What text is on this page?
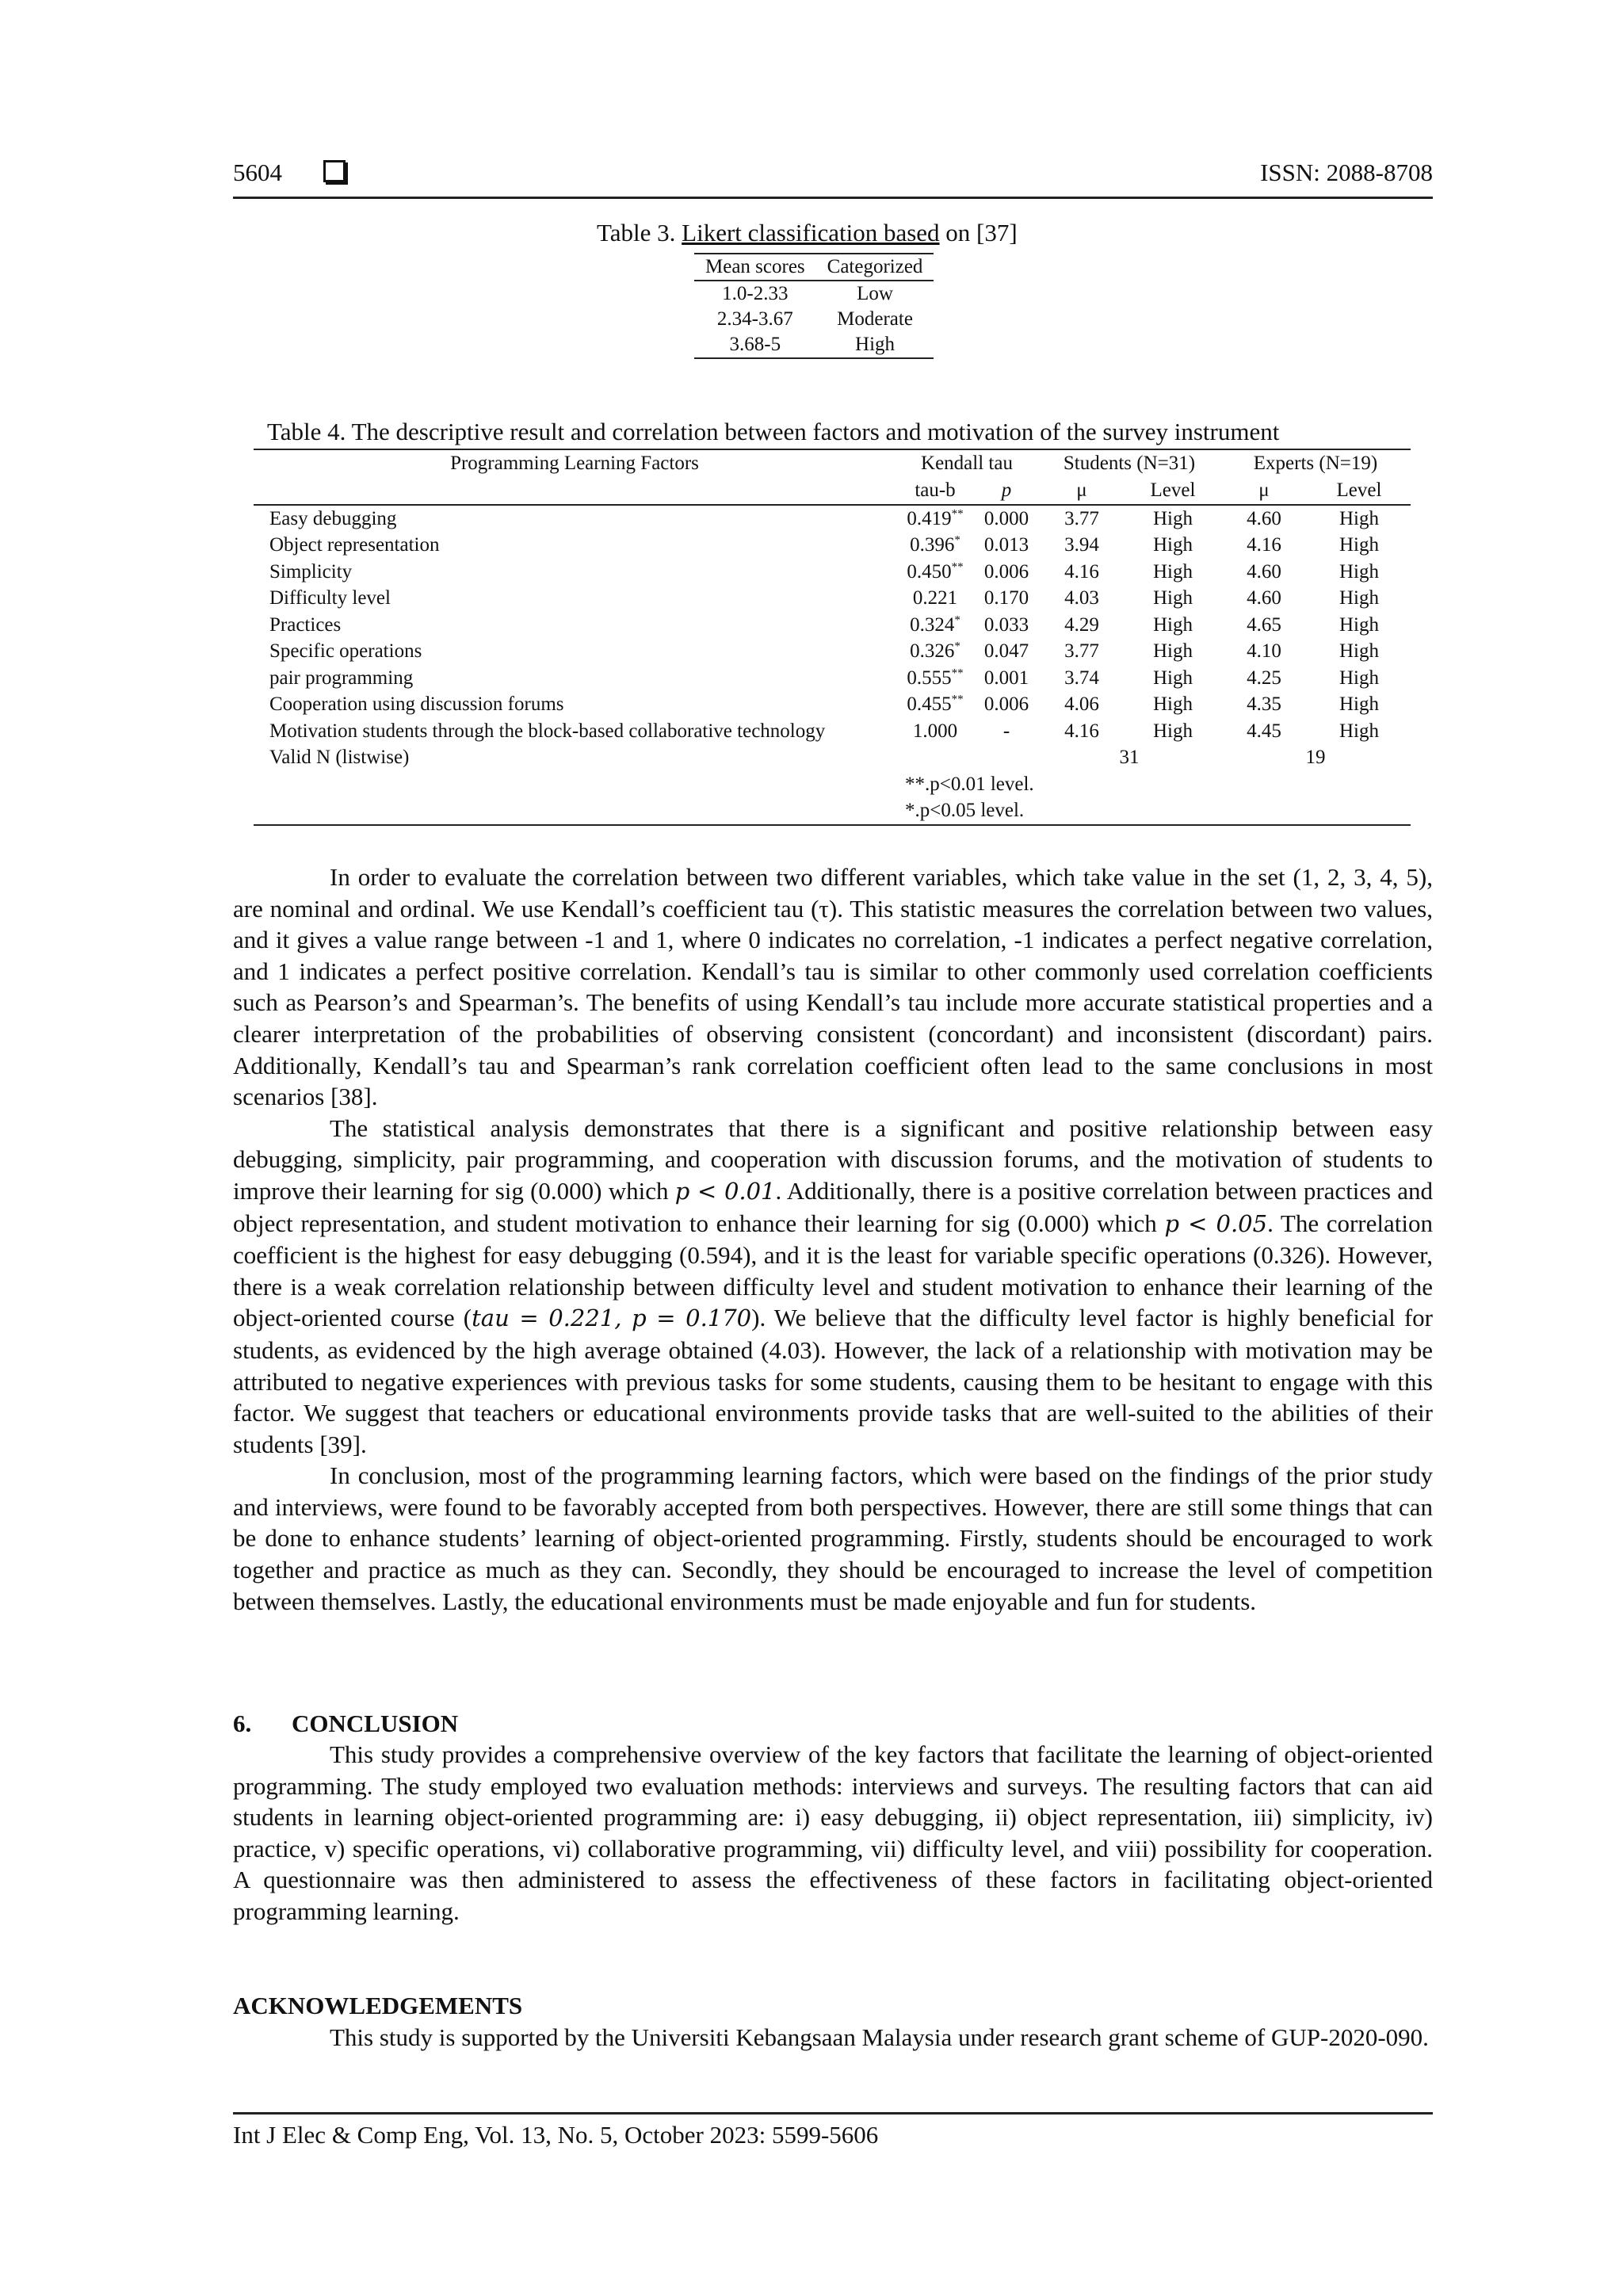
5604	ISSN: 2088-8708
Table 3. Likert classification based on [37]
Mean scores	Categorized
1.0-2.33	Low
2.34-3.67	Moderate
3.68-5	High
Table 4. The descriptive result and correlation between factors and motivation of the survey instrument
Programming Learning Factors	Kendall tau		Students (N=31)		Experts (N=19)	
	tau-b	p	μ	Level	μ	Level
Easy debugging	0.419**	0.000	3.77	High	4.60	High
Object representation	0.396*	0.013	3.94	High	4.16	High
Simplicity	0.450**	0.006	4.16	High	4.60	High
Difficulty level	0.221	0.170	4.03	High	4.60	High
Practices	0.324*	0.033	4.29	High	4.65	High
Specific operations	0.326*	0.047	3.77	High	4.10	High
pair programming	0.555**	0.001	3.74	High	4.25	High
Cooperation using discussion forums	0.455**	0.006	4.06	High	4.35	High
Motivation students through the block-based collaborative technology	1.000	-	4.16	High	4.45	High
Valid N (listwise)			31		19	
	**.p<0.01 level.					
	*.p<0.05 level.					

In order to evaluate the correlation between two different variables, which take value in the set (1, 2, 3, 4, 5), are nominal and ordinal. We use Kendall’s coefficient tau (τ). This statistic measures the correlation between two values, and it gives a value range between -1 and 1, where 0 indicates no correlation, -1 indicates a perfect negative correlation, and 1 indicates a perfect positive correlation. Kendall’s tau is similar to other commonly used correlation coefficients such as Pearson’s and Spearman’s. The benefits of using Kendall’s tau include more accurate statistical properties and a clearer interpretation of the probabilities of observing consistent (concordant) and inconsistent (discordant) pairs. Additionally, Kendall’s tau and Spearman’s rank correlation coefficient often lead to the same conclusions in most scenarios [38].

The statistical analysis demonstrates that there is a significant and positive relationship between easy debugging, simplicity, pair programming, and cooperation with discussion forums, and the motivation of students to improve their learning for sig (0.000) which p < 0.01. Additionally, there is a positive correlation between practices and object representation, and student motivation to enhance their learning for sig (0.000) which p < 0.05. The correlation coefficient is the highest for easy debugging (0.594), and it is the least for variable specific operations (0.326). However, there is a weak correlation relationship between difficulty level and student motivation to enhance their learning of the object-oriented course (tau = 0.221, p = 0.170). We believe that the difficulty level factor is highly beneficial for students, as evidenced by the high average obtained (4.03). However, the lack of a relationship with motivation may be attributed to negative experiences with previous tasks for some students, causing them to be hesitant to engage with this factor. We suggest that teachers or educational environments provide tasks that are well-suited to the abilities of their students [39].

In conclusion, most of the programming learning factors, which were based on the findings of the prior study and interviews, were found to be favorably accepted from both perspectives. However, there are still some things that can be done to enhance students’ learning of object-oriented programming. Firstly, students should be encouraged to work together and practice as much as they can. Secondly, they should be encouraged to increase the level of competition between themselves. Lastly, the educational environments must be made enjoyable and fun for students.

6. CONCLUSION

This study provides a comprehensive overview of the key factors that facilitate the learning of object-oriented programming. The study employed two evaluation methods: interviews and surveys. The resulting factors that can aid students in learning object-oriented programming are: i) easy debugging, ii) object representation, iii) simplicity, iv) practice, v) specific operations, vi) collaborative programming, vii) difficulty level, and viii) possibility for cooperation. A questionnaire was then administered to assess the effectiveness of these factors in facilitating object-oriented programming learning.

ACKNOWLEDGEMENTS

This study is supported by the Universiti Kebangsaan Malaysia under research grant scheme of GUP-2020-090.

Int J Elec & Comp Eng, Vol. 13, No. 5, October 2023: 5599-5606
